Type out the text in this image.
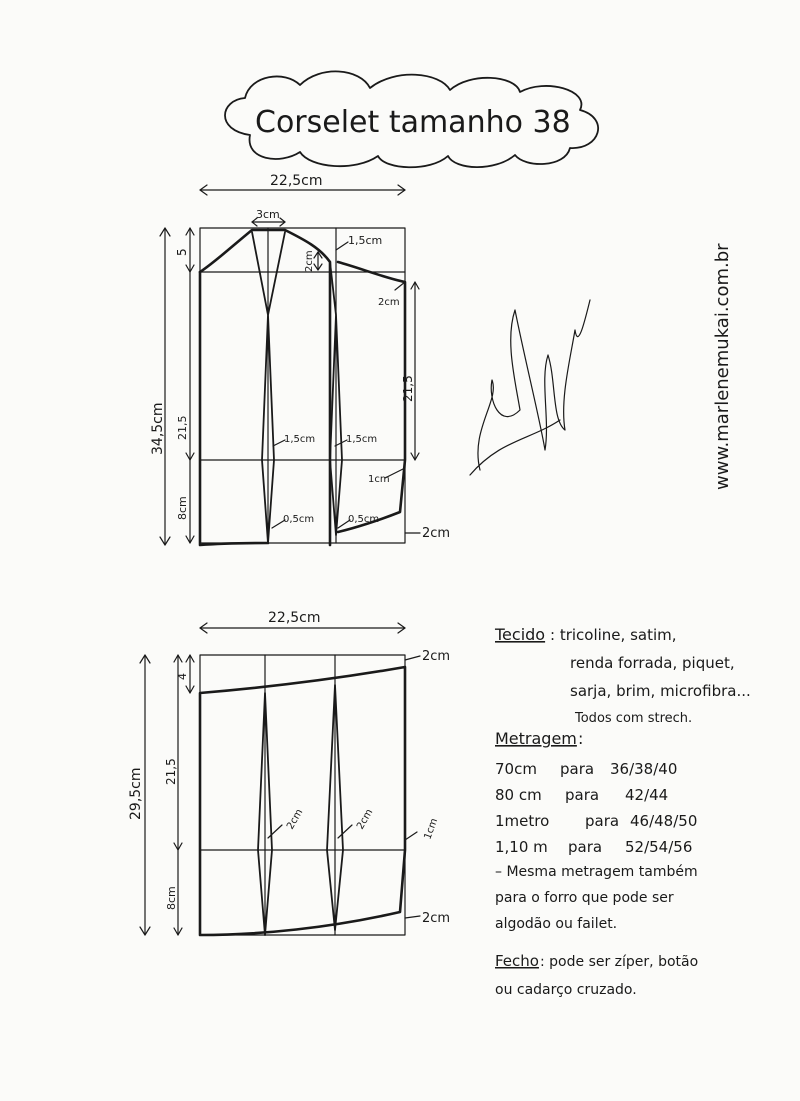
Corselet tamanho 38
www.marlenemukai.com.br
Marlene Mukai
22,5cm
3cm
1,5cm
5	2cm
2cm
34,5cm 21,5
21,5
1,5cm	1,5cm
1cm
8cm	0,5cm	0,5cm
2cm
22,5cm
2cm
4
29,5cm 21,5
2cm	2cm	1cm
8cm
2cm
Tecido : tricoline, satim,
renda forrada, piquet,
sarja, brim, microfibra...
Todos com strech.
Metragem :
70cm para 36/38/40
80 cm para 42/44
1metro para 46/48/50
1,10 m para 52/54/56
– Mesma metragem também
para o forro que pode ser
algodão ou failet.
Fecho : pode ser zíper, botão
ou cadarço cruzado.
